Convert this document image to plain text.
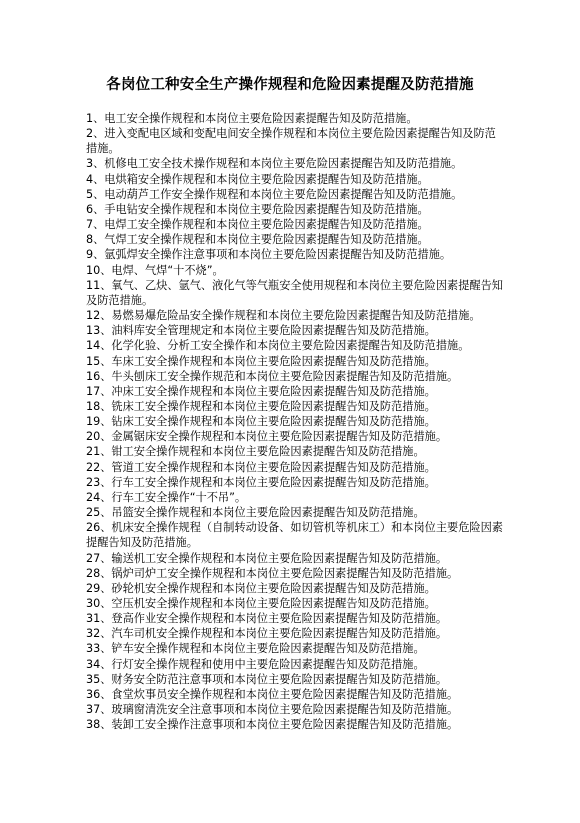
各岗位工种安全生产操作规程和危险因素提醒及防范措施
1、电工安全操作规程和本岗位主要危险因素提醒告知及防范措施。
2、进入变配电区域和变配电间安全操作规程和本岗位主要危险因素提醒告知及防范措施。
3、机修电工安全技术操作规程和本岗位主要危险因素提醒告知及防范措施。
4、电烘箱安全操作规程和本岗位主要危险因素提醒告知及防范措施。
5、电动葫芦工作安全操作规程和本岗位主要危险因素提醒告知及防范措施。
6、手电钻安全操作规程和本岗位主要危险因素提醒告知及防范措施。
7、电焊工安全操作规程和本岗位主要危险因素提醒告知及防范措施。
8、气焊工安全操作规程和本岗位主要危险因素提醒告知及防范措施。
9、氩弧焊安全操作注意事项和本岗位主要危险因素提醒告知及防范措施。
10、电焊、气焊“十不烧”。
11、氧气、乙炔、氩气、液化气等气瓶安全使用规程和本岗位主要危险因素提醒告知及防范措施。
12、易燃易爆危险品安全操作规程和本岗位主要危险因素提醒告知及防范措施。
13、油料库安全管理规定和本岗位主要危险因素提醒告知及防范措施。
14、化学化验、分析工安全操作和本岗位主要危险因素提醒告知及防范措施。
15、车床工安全操作规程和本岗位主要危险因素提醒告知及防范措施。
16、牛头刨床工安全操作规范和本岗位主要危险因素提醒告知及防范措施。
17、冲床工安全操作规程和本岗位主要危险因素提醒告知及防范措施。
18、铣床工安全操作规程和本岗位主要危险因素提醒告知及防范措施。
19、钻床工安全操作规程和本岗位主要危险因素提醒告知及防范措施。
20、金属锯床安全操作规程和本岗位主要危险因素提醒告知及防范措施。
21、钳工安全操作规程和本岗位主要危险因素提醒告知及防范措施。
22、管道工安全操作规程和本岗位主要危险因素提醒告知及防范措施。
23、行车工安全操作规程和本岗位主要危险因素提醒告知及防范措施。
24、行车工安全操作“十不吊”。
25、吊篮安全操作规程和本岗位主要危险因素提醒告知及防范措施。
26、机床安全操作规程（自制转动设备、如切管机等机床工）和本岗位主要危险因素提醒告知及防范措施。
27、输送机工安全操作规程和本岗位主要危险因素提醒告知及防范措施。
28、锅炉司炉工安全操作规程和本岗位主要危险因素提醒告知及防范措施。
29、砂轮机安全操作规程和本岗位主要危险因素提醒告知及防范措施。
30、空压机安全操作规程和本岗位主要危险因素提醒告知及防范措施。
31、登高作业安全操作规程和本岗位主要危险因素提醒告知及防范措施。
32、汽车司机安全操作规程和本岗位主要危险因素提醒告知及防范措施。
33、铲车安全操作规程和本岗位主要危险因素提醒告知及防范措施。
34、行灯安全操作规程和使用中主要危险因素提醒告知及防范措施。
35、财务安全防范注意事项和本岗位主要危险因素提醒告知及防范措施。
36、食堂炊事员安全操作规程和本岗位主要危险因素提醒告知及防范措施。
37、玻璃窗清洗安全注意事项和本岗位主要危险因素提醒告知及防范措施。
38、装卸工安全操作注意事项和本岗位主要危险因素提醒告知及防范措施。
